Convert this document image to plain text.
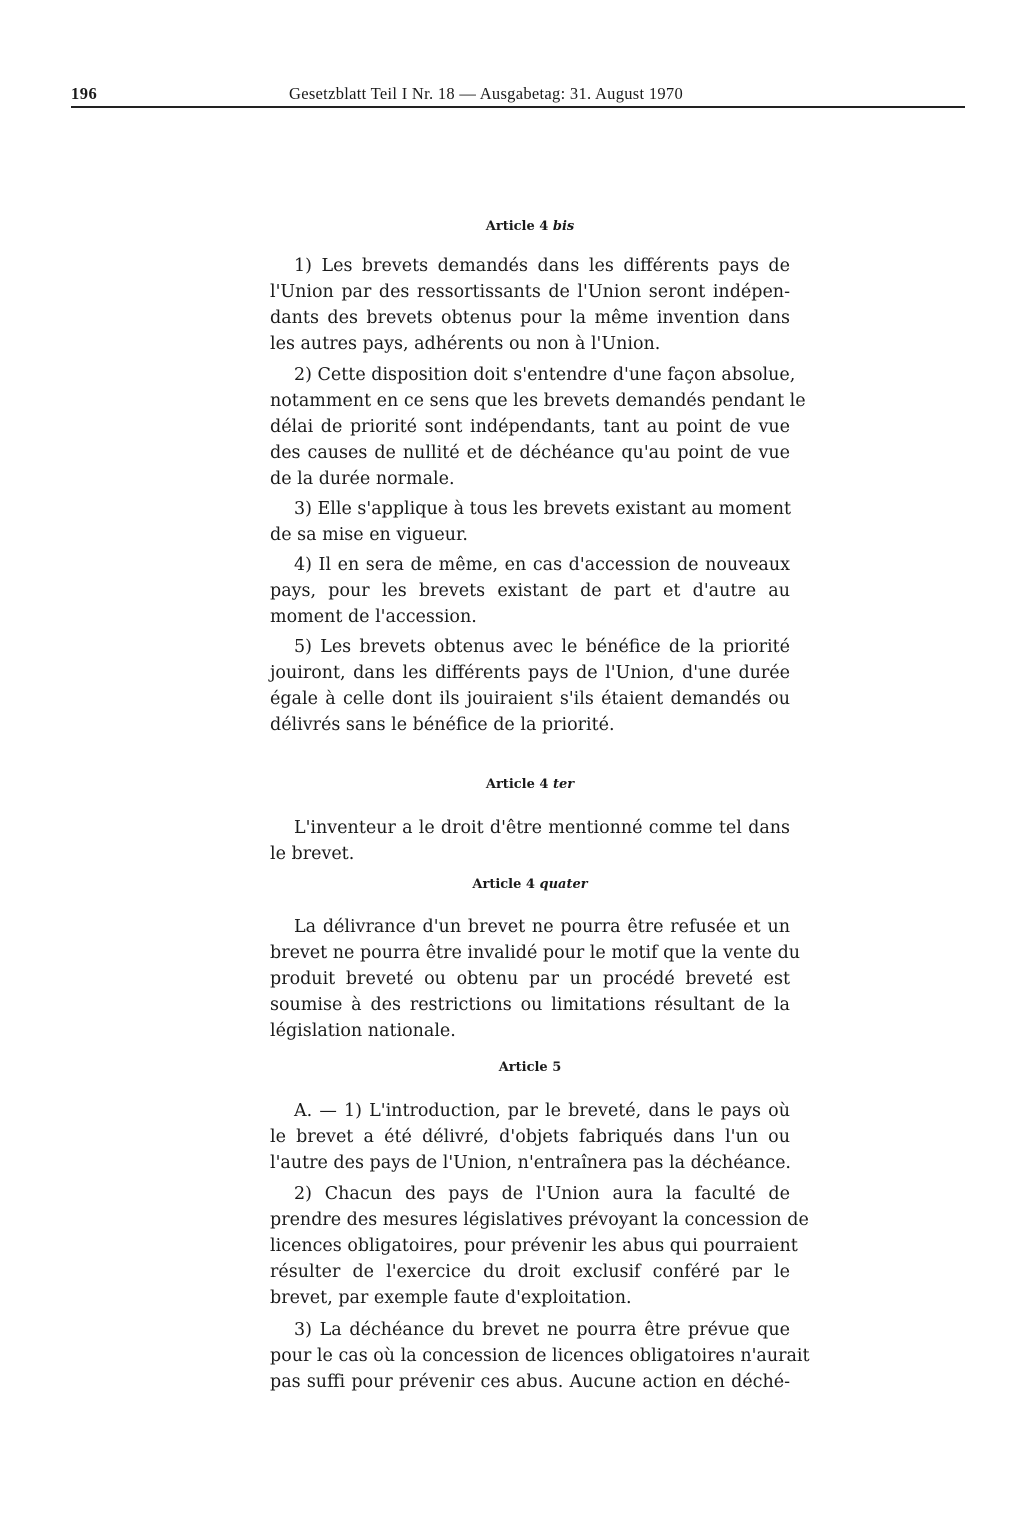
196	Gesetzblatt Teil I Nr. 18 — Ausgabetag: 31. August 1970
Article 4 bis
1) Les brevets demandés dans les différents pays de
l'Union par des ressortissants de l'Union seront indépen-
dants des brevets obtenus pour la même invention dans
les autres pays, adhérents ou non à l'Union.
2) Cette disposition doit s'entendre d'une façon absolue,
notamment en ce sens que les brevets demandés pendant le
délai de priorité sont indépendants, tant au point de vue
des causes de nullité et de déchéance qu'au point de vue
de la durée normale.
3) Elle s'applique à tous les brevets existant au moment
de sa mise en vigueur.
4) Il en sera de même, en cas d'accession de nouveaux
pays, pour les brevets existant de part et d'autre au
moment de l'accession.
5) Les brevets obtenus avec le bénéfice de la priorité
jouiront, dans les différents pays de l'Union, d'une durée
égale à celle dont ils jouiraient s'ils étaient demandés ou
délivrés sans le bénéfice de la priorité.
Article 4 ter
L'inventeur a le droit d'être mentionné comme tel dans
le brevet.
Article 4 quater
La délivrance d'un brevet ne pourra être refusée et un
brevet ne pourra être invalidé pour le motif que la vente du
produit breveté ou obtenu par un procédé breveté est
soumise à des restrictions ou limitations résultant de la
législation nationale.
Article 5
A. — 1) L'introduction, par le breveté, dans le pays où
le brevet a été délivré, d'objets fabriqués dans l'un ou
l'autre des pays de l'Union, n'entraînera pas la déchéance.
2) Chacun des pays de l'Union aura la faculté de
prendre des mesures législatives prévoyant la concession de
licences obligatoires, pour prévenir les abus qui pourraient
résulter de l'exercice du droit exclusif conféré par le
brevet, par exemple faute d'exploitation.
3) La déchéance du brevet ne pourra être prévue que
pour le cas où la concession de licences obligatoires n'aurait
pas suffi pour prévenir ces abus. Aucune action en déché-
